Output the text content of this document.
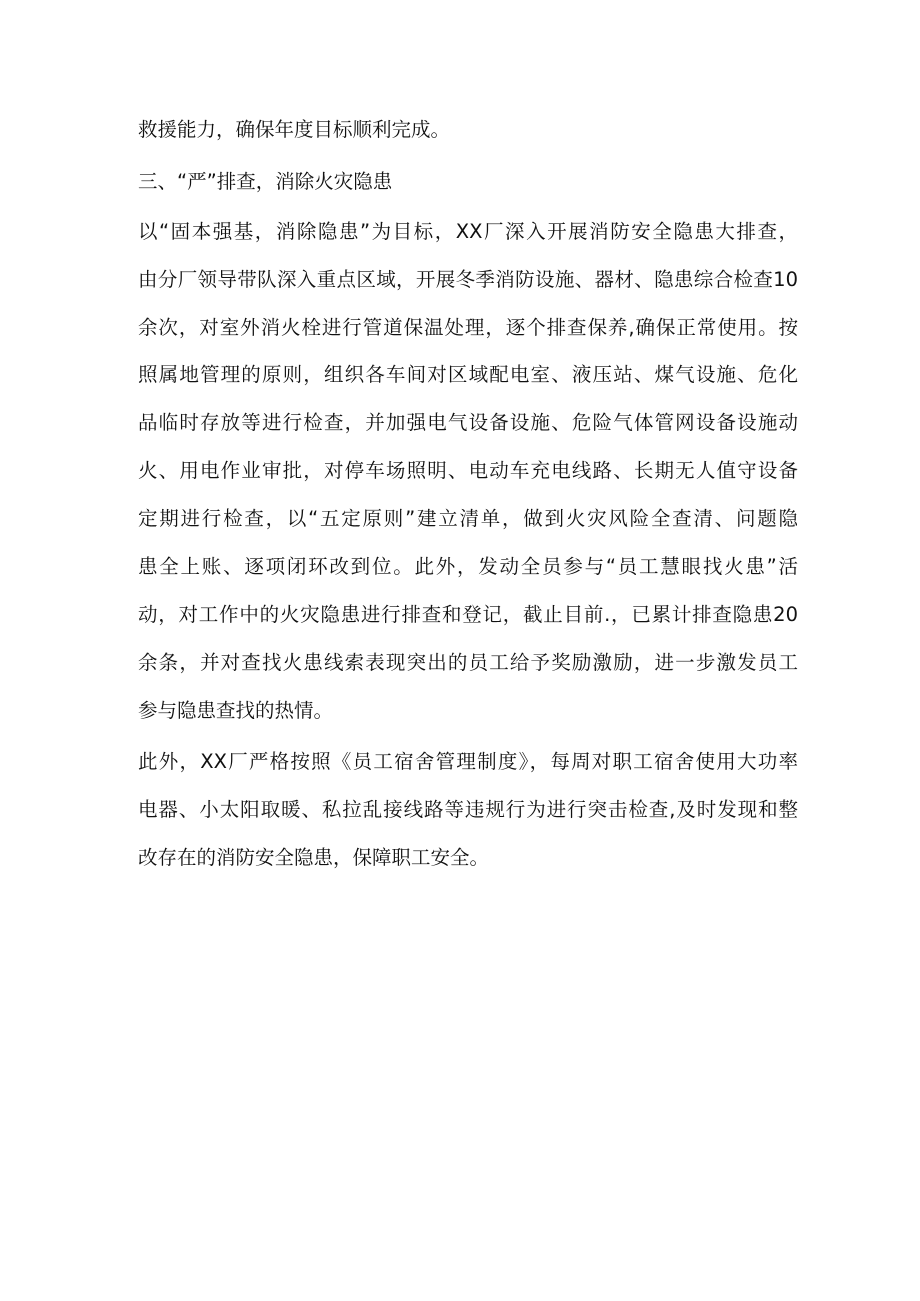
救援能力，确保年度目标顺利完成。
三、“严”排查，消除火灾隐患
以“固本强基，消除隐患”为目标，XX厂深入开展消防安全隐患大排查，
由分厂领导带队深入重点区域，开展冬季消防设施、器材、隐患综合检查10
余次，对室外消火栓进行管道保温处理，逐个排查保养,确保正常使用。按
照属地管理的原则，组织各车间对区域配电室、液压站、煤气设施、危化
品临时存放等进行检查，并加强电气设备设施、危险气体管网设备设施动
火、用电作业审批，对停车场照明、电动车充电线路、长期无人值守设备
定期进行检查，以“五定原则”建立清单，做到火灾风险全查清、问题隐
患全上账、逐项闭环改到位。此外，发动全员参与“员工慧眼找火患”活
动，对工作中的火灾隐患进行排查和登记，截止目前.，已累计排查隐患20
余条，并对查找火患线索表现突出的员工给予奖励激励，进一步激发员工
参与隐患查找的热情。
此外，XX厂严格按照《员工宿舍管理制度》，每周对职工宿舍使用大功率
电器、小太阳取暖、私拉乱接线路等违规行为进行突击检查,及时发现和整
改存在的消防安全隐患，保障职工安全。
